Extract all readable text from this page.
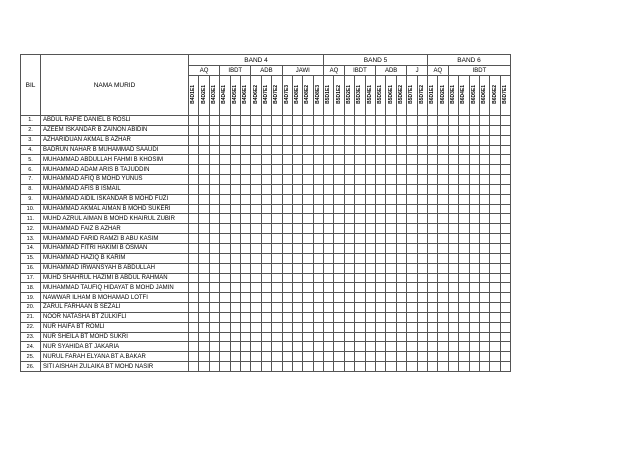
BIL	NAMA MURID	BAND 4													BAND 5										BAND 6							
		AQ			IBDT			ADB			JAWI				AQ		IBDT			ADB			J		AQ		IBDT					
		B4D1E1	B4D2E1	B4D3E1	B4D4E1	B4D5E1	B4D6E1	B4D6E2	B4D7E1	B4D7E2	B4D7E3	B4D8E1	B4D8E2	B4D8E3	B5D1E1	B5D1E2	B5D2E1	B5D3E1	B5D4E1	B5D5E1	B5D6E1	B5D6E2	B5D7E1	B5D7E2	B6D1E1	B6D2E1	B6D3E1	B6D4E1	B6D5E1	B6D6E1	B6D6E2	B6D7E1
1.	ABDUL RAFIE DANIEL B ROSLI																															
2.	AZEEM ISKANDAR B ZAINON ABIDIN																															
3.	AZHARIDUAN AKMAL B AZHAR																															
4.	BADRUN NAHAR B MUHAMMAD SAAUDI																															
5.	MUHAMMAD ABDULLAH FAHMI B KHOSIM																															
6.	MUHAMMAD ADAM ARIS B TAJUDDIN																															
7.	MUHAMMAD AFIQ B MOHD YUNUS																															
8.	MUHAMMAD AFIS B ISMAIL																															
9.	MUHAMMAD AIDIL ISKANDAR B MOHD FUZI																															
10.	MUHAMMAD AKMAL AIMAN B MOHD SUKERI																															
11.	MUHD AZRUL AIMAN B MOHD KHAIRUL ZUBIR																															
12.	MUHAMMAD FAIZ B AZHAR																															
13.	MUHAMMAD FARID RAMZI B ABU KASIM																															
14.	MUHAMMAD FITRI HAKIMI B OSMAN																															
15.	MUHAMMAD HAZIQ B KARIM																															
16.	MUHAMMAD IRWANSYAH B ABDULLAH																															
17.	MUHD SHAHRUL HAZIMI B ABDUL RAHMAN																															
18.	MUHAMMAD TAUFIQ HIDAYAT B MOHD JAMIN																															
19.	NAWWAR ILHAM B MOHAMAD LOTFI																															
20.	ZARUL FARHAAN B SEZALI																															
21.	NOOR NATASHA BT ZULKIFLI																															
22.	NUR HAIFA BT ROMLI																															
23.	NUR SHEILA BT MOHD SUKRI																															
24.	NUR SYAHIDA BT JAKARIA																															
25.	NURUL FARAH ELYANA BT A.BAKAR																															
26.	SITI AISHAH ZULAIKA BT MOHD NASIR																															
